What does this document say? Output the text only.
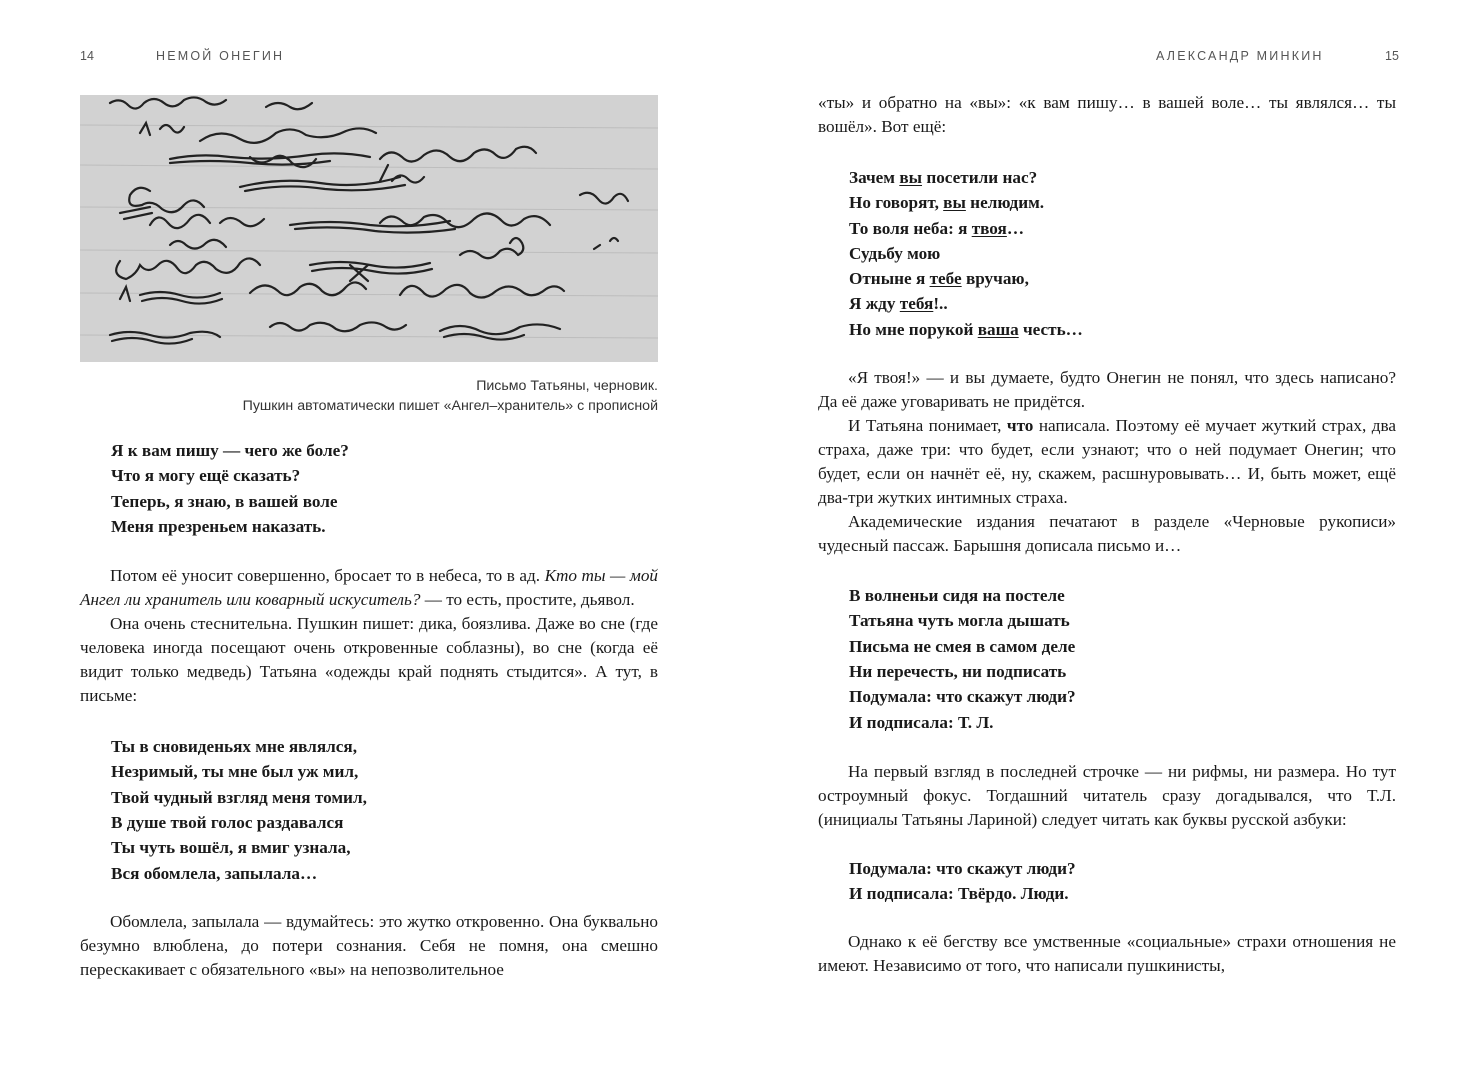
14	НЕМОЙ ОНЕГИН
Письмо Татьяны, черновик.
Пушкин автоматически пишет «Ангел–хранитель» с прописной
Я к вам пишу — чего же боле?
Что я могу ещё сказать?
Теперь, я знаю, в вашей воле
Меня презреньем наказать.

Потом её уносит совершенно, бросает то в небеса, то в ад. Кто ты — мой Ангел ли хранитель или коварный искуситель? — то есть, простите, дьявол.

Она очень стеснительна. Пушкин пишет: дика, боязлива. Даже во сне (где человека иногда посещают очень откровенные соблазны), во сне (когда её видит только медведь) Татьяна «одежды край поднять стыдится». А тут, в письме:

Ты в сновиденьях мне являлся,
Незримый, ты мне был уж мил,
Твой чудный взгляд меня томил,
В душе твой голос раздавался
Ты чуть вошёл, я вмиг узнала,
Вся обомлела, запылала…

Обомлела, запылала — вдумайтесь: это жутко откровенно. Она буквально безумно влюблена, до потери сознания. Себя не помня, она смешно перескакивает с обязательного «вы» на непозволительное

АЛЕКСАНДР МИНКИН	15

«ты» и обратно на «вы»: «к вам пишу… в вашей воле… ты являлся… ты вошёл». Вот ещё:

Зачем вы посетили нас?
Но говорят, вы нелюдим.
То воля неба: я твоя…
Судьбу мою
Отныне я тебе вручаю,
Я жду тебя!..
Но мне порукой ваша честь…

«Я твоя!» — и вы думаете, будто Онегин не понял, что здесь написано? Да её даже уговаривать не придётся.

И Татьяна понимает, что написала. Поэтому её мучает жуткий страх, два страха, даже три: что будет, если узнают; что о ней подумает Онегин; что будет, если он начнёт её, ну, скажем, расшнуровывать… И, быть может, ещё два-три жутких интимных страха.

Академические издания печатают в разделе «Черновые рукописи» чудесный пассаж. Барышня дописала письмо и…

В волненьи сидя на постеле
Татьяна чуть могла дышать
Письма не смея в самом деле
Ни перечесть, ни подписать
Подумала: что скажут люди?
И подписала: Т. Л.

На первый взгляд в последней строчке — ни рифмы, ни размера. Но тут остроумный фокус. Тогдашний читатель сразу догадывался, что Т.Л. (инициалы Татьяны Лариной) следует читать как буквы русской азбуки:

Подумала: что скажут люди?
И подписала: Твёрдо. Люди.

Однако к её бегству все умственные «социальные» страхи отношения не имеют. Независимо от того, что написали пушкинисты,
